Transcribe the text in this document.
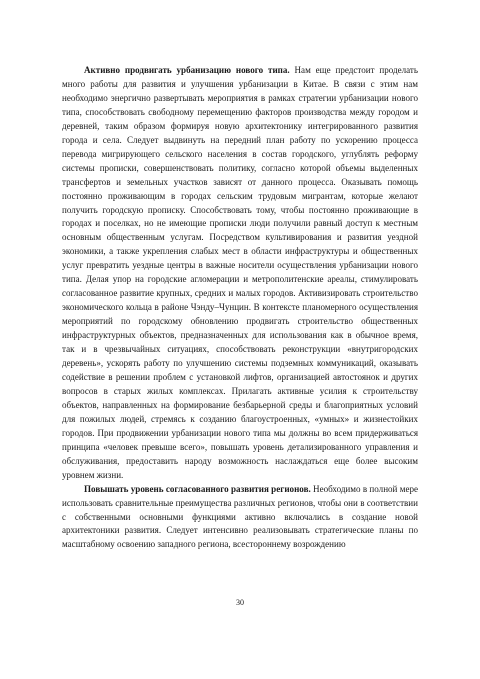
Активно продвигать урбанизацию нового типа. Нам еще предстоит проделать много работы для развития и улучшения урбанизации в Китае. В связи с этим нам необходимо энергично развертывать мероприятия в рамках стратегии урбанизации нового типа, способствовать свободному перемещению факторов производства между городом и деревней, таким образом формируя новую архитектонику интегрированного развития города и села. Следует выдвинуть на передний план работу по ускорению процесса перевода мигрирующего сельского населения в состав городского, углублять реформу системы прописки, совершенствовать политику, согласно которой объемы выделенных трансфертов и земельных участков зависят от данного процесса. Оказывать помощь постоянно проживающим в городах сельским трудовым мигрантам, которые желают получить городскую прописку. Способствовать тому, чтобы постоянно проживающие в городах и поселках, но не имеющие прописки люди получили равный доступ к местным основным общественным услугам. Посредством культивирования и развития уездной экономики, а также укрепления слабых мест в области инфраструктуры и общественных услуг превратить уездные центры в важные носители осуществления урбанизации нового типа. Делая упор на городские агломерации и метрополитенские ареалы, стимулировать согласованное развитие крупных, средних и малых городов. Активизировать строительство экономического кольца в районе Чэнду–Чунцин. В контексте планомерного осуществления мероприятий по городскому обновлению продвигать строительство общественных инфраструктурных объектов, предназначенных для использования как в обычное время, так и в чрезвычайных ситуациях, способствовать реконструкции «внутригородских деревень», ускорять работу по улучшению системы подземных коммуникаций, оказывать содействие в решении проблем с установкой лифтов, организацией автостоянок и других вопросов в старых жилых комплексах. Прилагать активные усилия к строительству объектов, направленных на формирование безбарьерной среды и благоприятных условий для пожилых людей, стремясь к созданию благоустроенных, «умных» и жизнестойких городов. При продвижении урбанизации нового типа мы должны во всем придерживаться принципа «человек превыше всего», повышать уровень детализированного управления и обслуживания, предоставить народу возможность наслаждаться еще более высоким уровнем жизни.

Повышать уровень согласованного развития регионов. Необходимо в полной мере использовать сравнительные преимущества различных регионов, чтобы они в соответствии с собственными основными функциями активно включались в создание новой архитектоники развития. Следует интенсивно реализовывать стратегические планы по масштабному освоению западного региона, всестороннему возрождению

30
